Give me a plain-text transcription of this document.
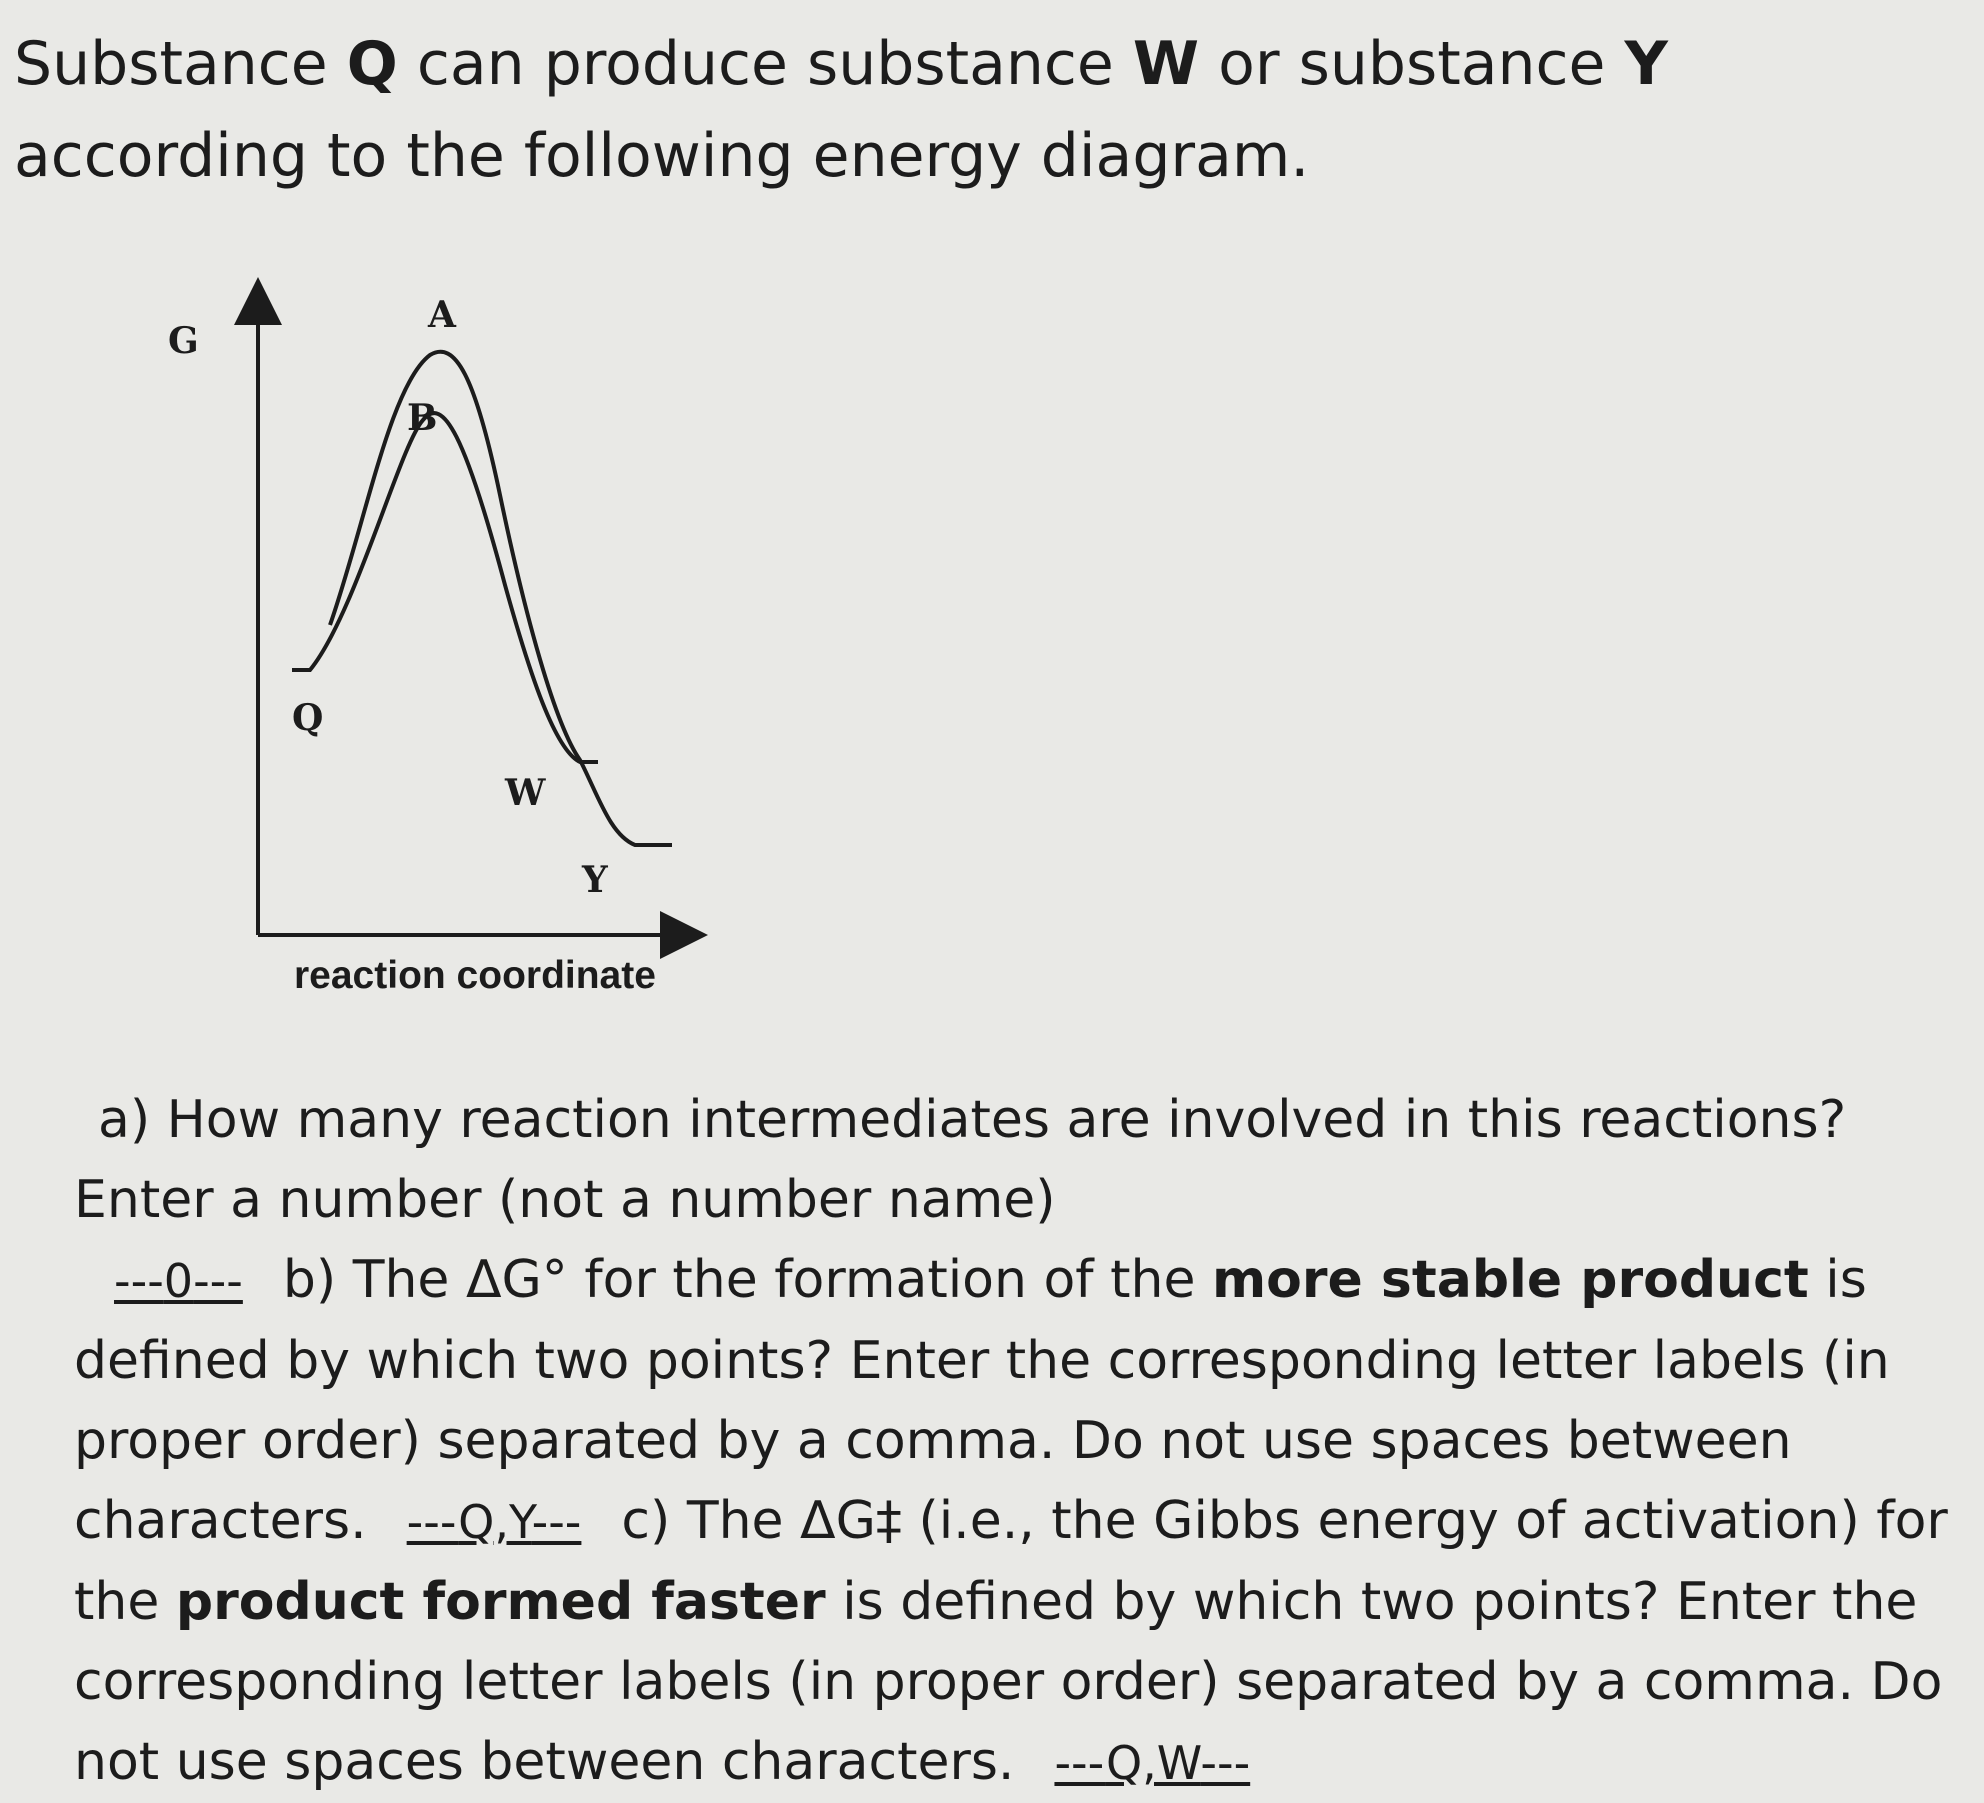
Substance Q can produce substance W or substance Y according to the following energy diagram.

G
A
B
Q
W
Y
reaction coordinate

a) How many reaction intermediates are involved in this reactions? Enter a number (not a number name)---0--- b) The ΔG° for the formation of the more stable product is defined by which two points? Enter the corresponding letter labels (in proper order) separated by a comma. Do not use spaces between characters. ---Q,Y--- c) The ΔG‡ (i.e., the Gibbs energy of activation) for the product formed faster is defined by which two points? Enter the corresponding letter labels (in proper order) separated by a comma. Do not use spaces between characters. ---Q,W---
